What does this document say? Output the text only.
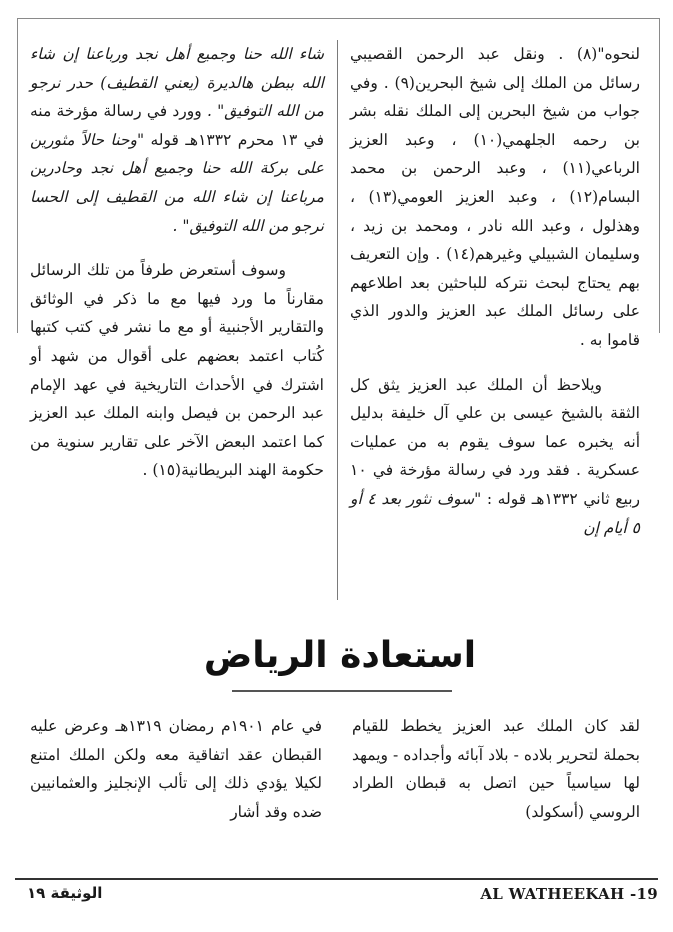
لنحوه"(٨) . ونقل عبد الرحمن القصيبي رسائل من الملك إلى شيخ البحرين(٩) . وفي جواب من شيخ البحرين إلى الملك نقله بشر بن رحمه الجلهمي(١٠) ، وعبد العزيز الرباعي(١١) ، وعبد الرحمن بن محمد البسام(١٢) ، وعبد العزيز العومي(١٣) ، وهذلول ، وعبد الله نادر ، ومحمد بن زيد ، وسليمان الشبيلي وغيرهم(١٤) . وإن التعريف بهم يحتاج لبحث نتركه للباحثين بعد اطلاعهم على رسائل الملك عبد العزيز والدور الذي قاموا به .

ويلاحظ أن الملك عبد العزيز يثق كل الثقة بالشيخ عيسى بن علي آل خليفة بدليل أنه يخبره عما سوف يقوم به من عمليات عسكرية . فقد ورد في رسالة مؤرخة في ١٠ ربيع ثاني ١٣٣٢هـ قوله : "سوف نثور بعد ٤ أو ٥ أيام إن

شاء الله حنا وجميع أهل نجد ورباعنا إن شاء الله ببطن هالديرة (يعني القطيف) حدر نرجو من الله التوفيق" . وورد في رسالة مؤرخة منه في ١٣ محرم ١٣٣٢هـ قوله "وحنا حالاً مثورين على بركة الله حنا وجميع أهل نجد وحادرين مرباعنا إن شاء الله من القطيف إلى الحسا نرجو من الله التوفيق" .

وسوف أستعرض طرفاً من تلك الرسائل مقارناً ما ورد فيها مع ما ذكر في الوثائق والتقارير الأجنبية أو مع ما نشر في كتب كتبها كُتاب اعتمد بعضهم على أقوال من شهد أو اشترك في الأحداث التاريخية في عهد الإمام عبد الرحمن بن فيصل وابنه الملك عبد العزيز كما اعتمد البعض الآخر على تقارير سنوية من حكومة الهند البريطانية(١٥) .

استعادة الرياض

لقد كان الملك عبد العزيز يخطط للقيام بحملة لتحرير بلاده - بلاد آبائه وأجداده - ويمهد لها سياسياً حين اتصل به قبطان الطراد الروسي (أسكولد)

في عام ١٩٠١م رمضان ١٣١٩هـ وعرض عليه القبطان عقد اتفاقية معه ولكن الملك امتنع لكيلا يؤدي ذلك إلى تألب الإنجليز والعثمانيين ضده وقد أشار

الوثيقة ١٩	AL WATHEEKAH -19
